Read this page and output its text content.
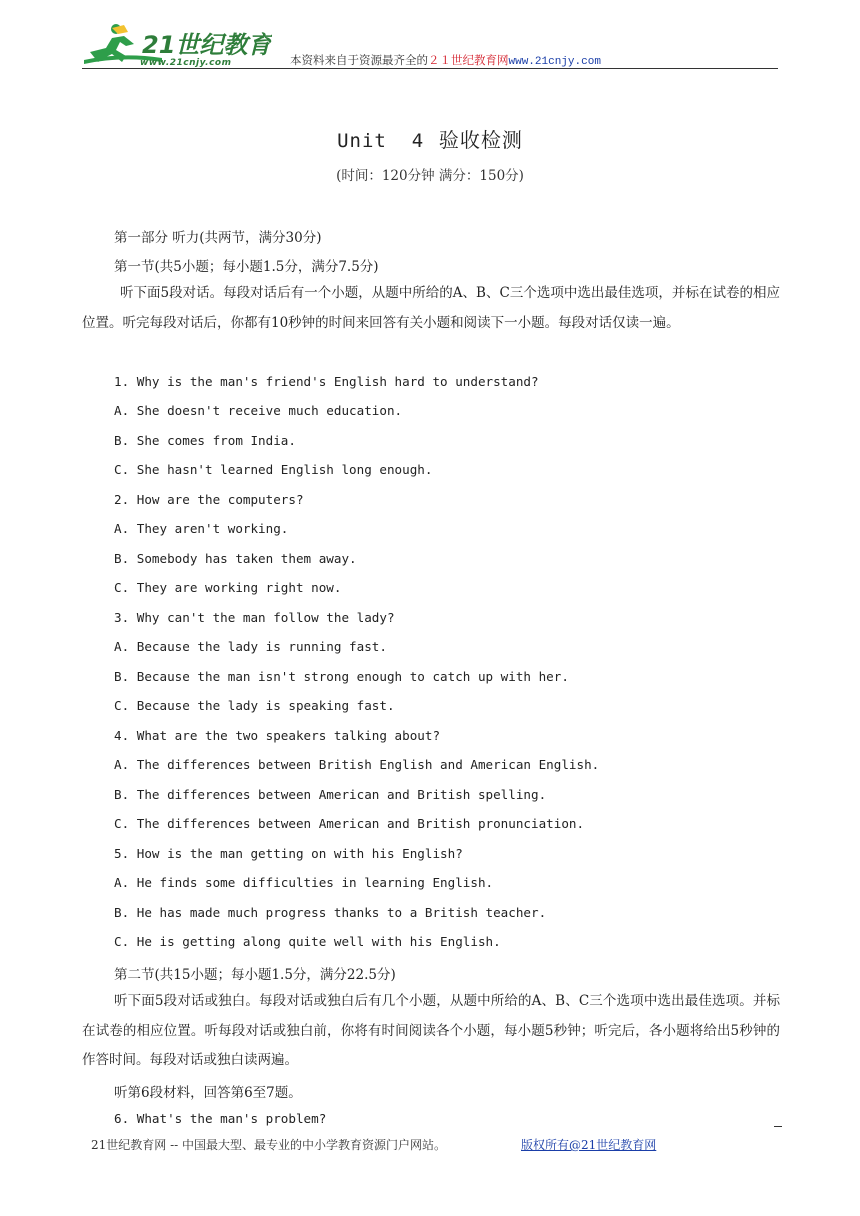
21世纪教育
www.21cnjy.com	本资料来自于资源最齐全的２１世纪教育网www.21cnjy.com
Unit  4 验收检测
(时间：120分钟 满分：150分)
第一部分 听力(共两节，满分30分)
第一节(共5小题；每小题1.5分，满分7.5分)
听下面5段对话。每段对话后有一个小题，从题中所给的A、B、C三个选项中选出最佳选项，并标在试卷的相应位置。听完每段对话后，你都有10秒钟的时间来回答有关小题和阅读下一小题。每段对话仅读一遍。
1. Why is the man's friend's English hard to understand?
A. She doesn't receive much education.
B. She comes from India.
C. She hasn't learned English long enough.
2. How are the computers?
A. They aren't working.
B. Somebody has taken them away.
C. They are working right now.
3. Why can't the man follow the lady?
A. Because the lady is running fast.
B. Because the man isn't strong enough to catch up with her.
C. Because the lady is speaking fast.
4. What are the two speakers talking about?
A. The differences between British English and American English.
B. The differences between American and British spelling.
C. The differences between American and British pronunciation.
5. How is the man getting on with his English?
A. He finds some difficulties in learning English.
B. He has made much progress thanks to a British teacher.
C. He is getting along quite well with his English.
第二节(共15小题；每小题1.5分，满分22.5分)
听下面5段对话或独白。每段对话或独白后有几个小题，从题中所给的A、B、C三个选项中选出最佳选项。并标在试卷的相应位置。听每段对话或独白前，你将有时间阅读各个小题，每小题5秒钟；听完后，各小题将给出5秒钟的作答时间。每段对话或独白读两遍。
听第6段材料，回答第6至7题。
6. What's the man's problem?
21世纪教育网 -- 中国最大型、最专业的中小学教育资源门户网站。	版权所有@21世纪教育网
